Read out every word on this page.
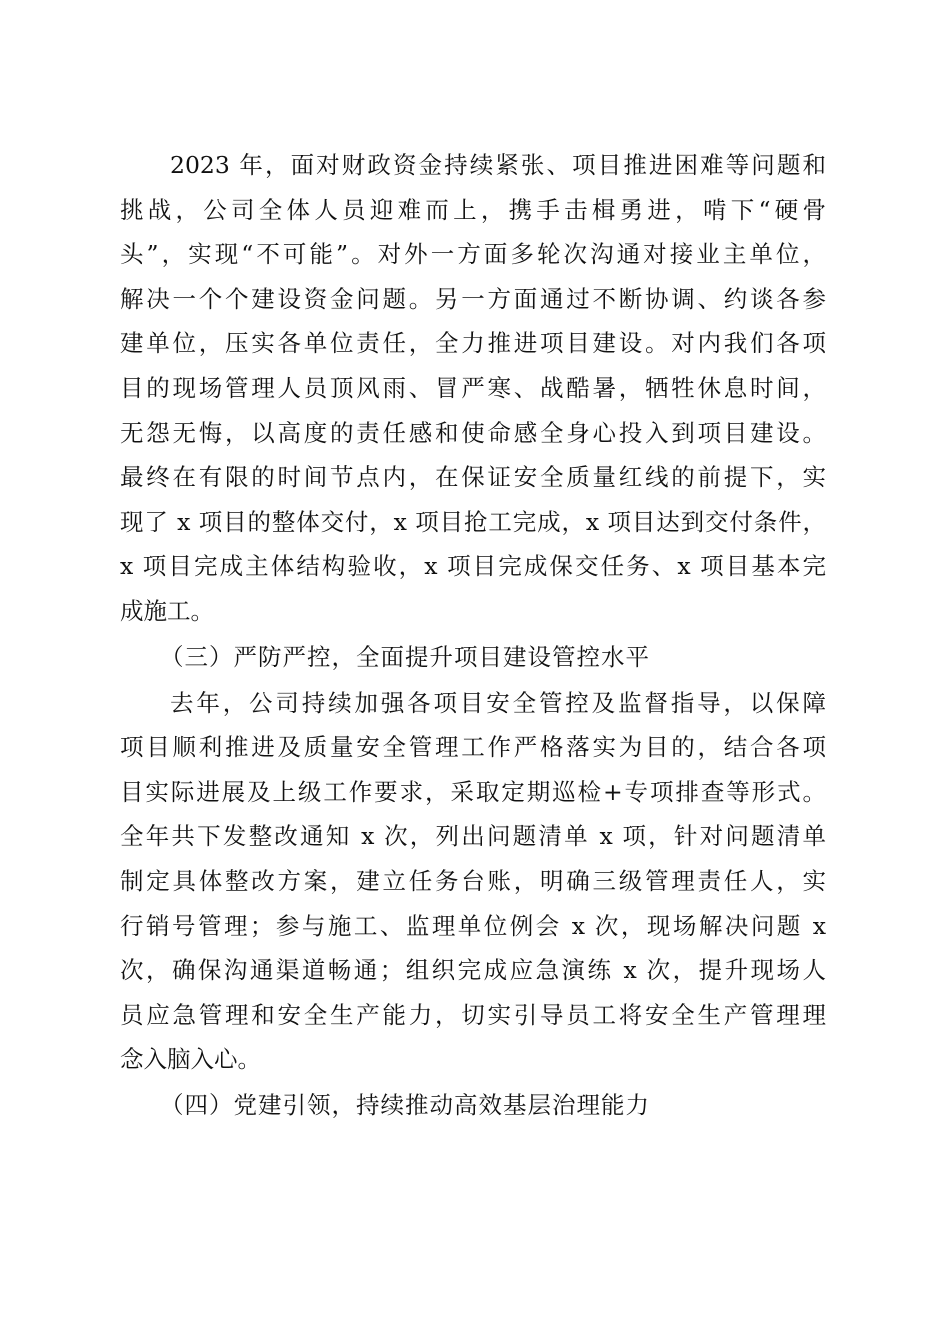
2023 年，面对财政资金持续紧张、项目推进困难等问题和
挑战，公司全体人员迎难而上，携手击楫勇进，啃下“硬骨
头”，实现“不可能”。对外一方面多轮次沟通对接业主单位，
解决一个个建设资金问题。另一方面通过不断协调、约谈各参
建单位，压实各单位责任，全力推进项目建设。对内我们各项
目的现场管理人员顶风雨、冒严寒、战酷暑，牺牲休息时间，
无怨无悔，以高度的责任感和使命感全身心投入到项目建设。
最终在有限的时间节点内，在保证安全质量红线的前提下，实
现了 x 项目的整体交付，x 项目抢工完成，x 项目达到交付条件，
x 项目完成主体结构验收，x 项目完成保交任务、x 项目基本完
成施工。
（三）严防严控，全面提升项目建设管控水平
去年，公司持续加强各项目安全管控及监督指导，以保障
项目顺利推进及质量安全管理工作严格落实为目的，结合各项
目实际进展及上级工作要求，采取定期巡检+专项排查等形式。
全年共下发整改通知 x 次，列出问题清单 x 项，针对问题清单
制定具体整改方案，建立任务台账，明确三级管理责任人，实
行销号管理；参与施工、监理单位例会 x 次，现场解决问题 x
次，确保沟通渠道畅通；组织完成应急演练 x 次，提升现场人
员应急管理和安全生产能力，切实引导员工将安全生产管理理
念入脑入心。
（四）党建引领，持续推动高效基层治理能力
